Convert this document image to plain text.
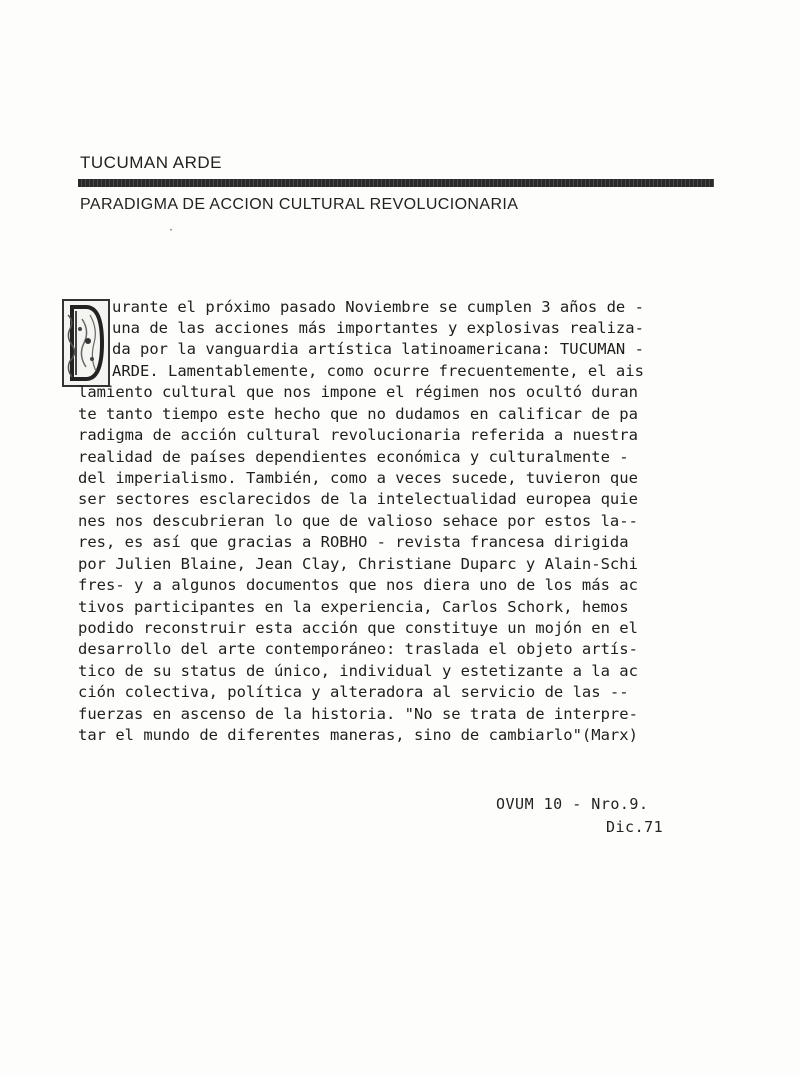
TUCUMAN ARDE
PARADIGMA DE ACCION CULTURAL REVOLUCIONARIA
·
urante el próximo pasado Noviembre se cumplen 3 años de -
una de las acciones más importantes y explosivas realiza-
da por la vanguardia artística latinoamericana: TUCUMAN -
ARDE. Lamentablemente, como ocurre frecuentemente, el ais
lamiento cultural que nos impone el régimen nos ocultó duran
te tanto tiempo este hecho que no dudamos en calificar de pa
radigma de acción cultural revolucionaria referida a nuestra
realidad de países dependientes económica y culturalmente -
del imperialismo. También, como a veces sucede, tuvieron que
ser sectores esclarecidos de la intelectualidad europea quie
nes nos descubrieran lo que de valioso sehace por estos la--
res, es así que gracias a ROBHO - revista francesa dirigida
por Julien Blaine, Jean Clay, Christiane Duparc y Alain-Schi
fres- y a algunos documentos que nos diera uno de los más ac
tivos participantes en la experiencia, Carlos Schork, hemos
podido reconstruir esta acción que constituye un mojón en el
desarrollo del arte contemporáneo: traslada el objeto artís-
tico de su status de único, individual y estetizante a la ac
ción colectiva, política y alteradora al servicio de las --
fuerzas en ascenso de la historia. "No se trata de interpre-
tar el mundo de diferentes maneras, sino de cambiarlo"(Marx)
OVUM 10 - Nro.9.
Dic.71
